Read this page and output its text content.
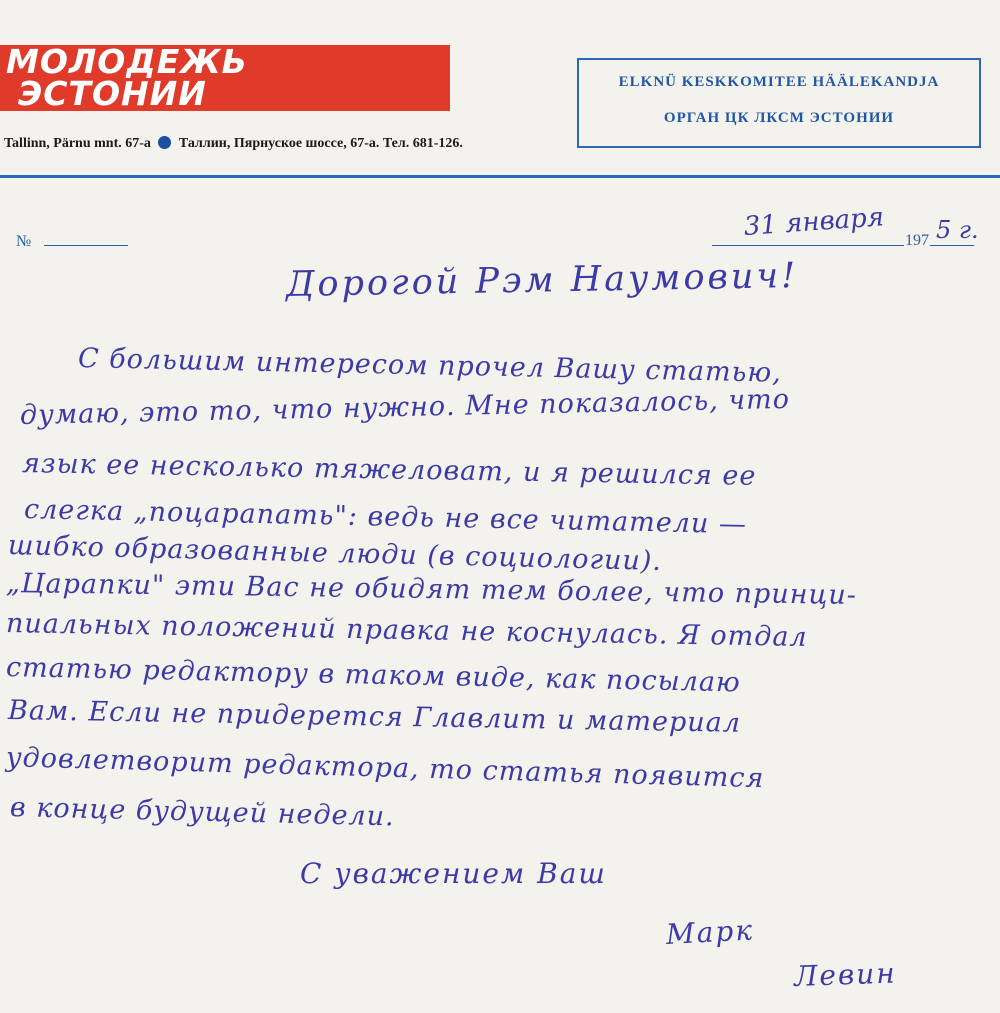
МОЛОДЕЖЬ
ЭСТОНИИ
Tallinn, Pärnu mnt. 67-a Таллин, Пярнуское шоссе, 67-а. Тел. 681-126.
ELKNÜ KESKKOMITEE HÄÄLEKANDJA
ОРГАН ЦК ЛКСМ ЭСТОНИИ
№	197
31 января 5 г.
Дорогой Рэм Наумович!
С большим интересом прочел Вашу статью,
думаю, это то, что нужно. Мне показалось, что
язык ее несколько тяжеловат, и я решился ее
слегка „поцарапать": ведь не все читатели —
шибко образованные люди (в социологии).
„Царапки" эти Вас не обидят тем более, что принци-
пиальных положений правка не коснулась. Я отдал
статью редактору в таком виде, как посылаю
Вам. Если не придерется Главлит и материал
удовлетворит редактора, то статья появится
в конце будущей недели.
С уважением Ваш
Марк
Левин
